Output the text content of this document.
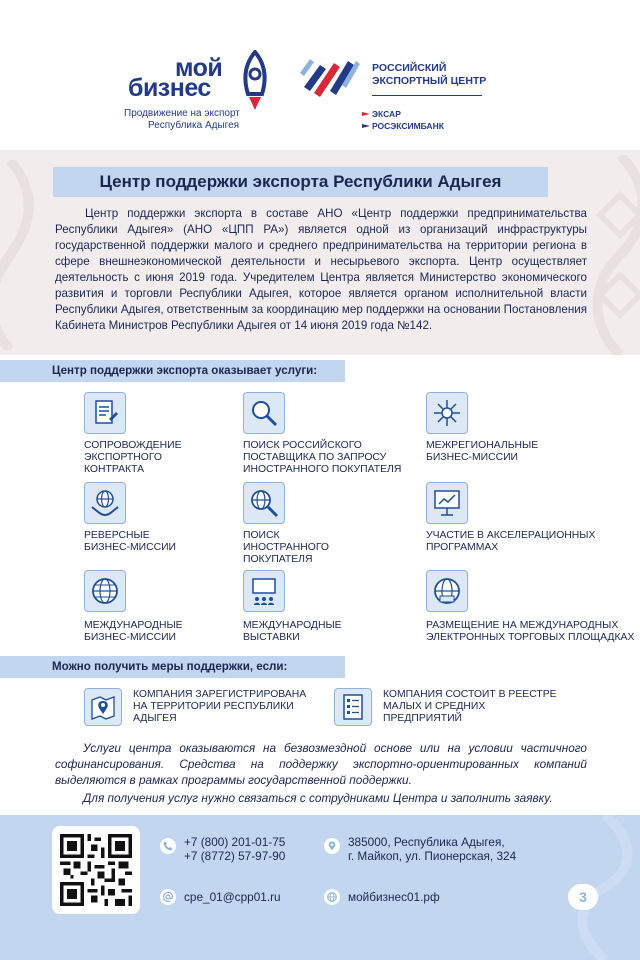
мой
бизнес
Продвижение на экспорт
Республика Адыгея
РОССИЙСКИЙ
ЭКСПОРТНЫЙ ЦЕНТР
ЭКСАР
РОСЭКСИМБАНК
Центр поддержки экспорта Республики Адыгея

Центр поддержки экспорта в составе АНО «Центр поддержки предпринимательства Республики Адыгея» (АНО «ЦПП РА») является одной из организаций инфраструктуры государственной поддержки малого и среднего предпринимательства на территории региона в сфере внешнеэкономической деятельности и несырьевого экспорта. Центр осуществляет деятельность с июня 2019 года. Учредителем Центра является Министерство экономического развития и торговли Республики Адыгея, которое является органом исполнительной власти Республики Адыгея, ответственным за координацию мер поддержки на основании Постановления Кабинета Министров Республики Адыгея от 14 июня 2019 года №142.

Центр поддержки экспорта оказывает услуги:
СОПРОВОЖДЕНИЕ
ЭКСПОРТНОГО
КОНТРАКТА
ПОИСК РОССИЙСКОГО
ПОСТАВЩИКА ПО ЗАПРОСУ
ИНОСТРАННОГО ПОКУПАТЕЛЯ
МЕЖРЕГИОНАЛЬНЫЕ
БИЗНЕС-МИССИИ
РЕВЕРСНЫЕ
БИЗНЕС-МИССИИ
ПОИСК
ИНОСТРАННОГО
ПОКУПАТЕЛЯ
УЧАСТИЕ В АКСЕЛЕРАЦИОННЫХ
ПРОГРАММАХ
МЕЖДУНАРОДНЫЕ
БИЗНЕС-МИССИИ
МЕЖДУНАРОДНЫЕ
ВЫСТАВКИ
РАЗМЕЩЕНИЕ НА МЕЖДУНАРОДНЫХ
ЭЛЕКТРОННЫХ ТОРГОВЫХ ПЛОЩАДКАХ
Можно получить меры поддержки, если:
КОМПАНИЯ ЗАРЕГИСТРИРОВАНА
НА ТЕРРИТОРИИ РЕСПУБЛИКИ
АДЫГЕЯ
КОМПАНИЯ СОСТОИТ В РЕЕСТРЕ
МАЛЫХ И СРЕДНИХ
ПРЕДПРИЯТИЙ

Услуги центра оказываются на безвозмездной основе или на условии частичного софинансирования. Средства на поддержку экспортно-ориентированных компаний выделяются в рамках программы государственной поддержки.

Для получения услуг нужно связаться с сотрудниками Центра и заполнить заявку.

+7 (800) 201-01-75
+7 (8772) 57-97-90
385000, Республика Адыгея,
г. Майкоп, ул. Пионерская, 324
cpe_01@cpp01.ru	мойбизнес01.рф	3
